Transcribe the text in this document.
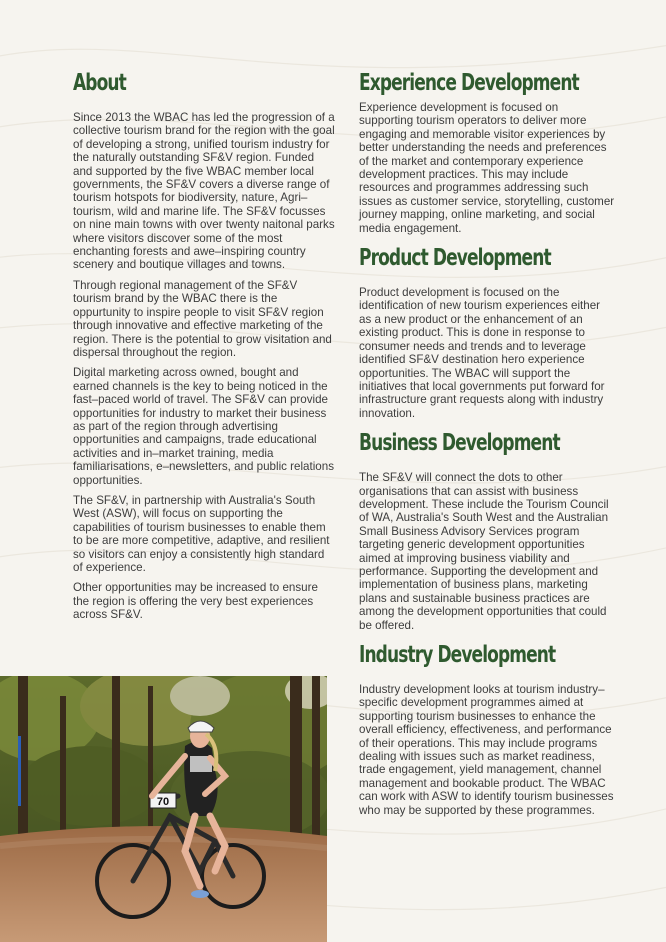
About

Since 2013 the WBAC has led the progression of a collective tourism brand for the region with the goal of developing a strong, unified tourism industry for the naturally outstanding SF&V region. Funded and supported by the five WBAC member local governments, the SF&V covers a diverse range of tourism hotspots for biodiversity, nature, Agri–tourism, wild and marine life. The SF&V focusses on nine main towns with over twenty naitonal parks where visitors discover some of the most enchanting forests and awe–inspiring country scenery and boutique villages and towns.

Through regional management of the SF&V tourism brand by the WBAC there is the oppurtunity to inspire people to visit SF&V region through innovative and effective marketing of the region. There is the potential to grow visitation and dispersal throughout the region.

Digital marketing across owned, bought and earned channels is the key to being noticed in the fast–paced world of travel. The SF&V can provide opportunities for industry to market their business as part of the region through advertising opportunities and campaigns, trade educational activities and in–market training, media familiarisations, e–newsletters, and public relations opportunities.

The SF&V, in partnership with Australia's South West (ASW), will focus on supporting the capabilities of tourism businesses to enable them to be are more competitive, adaptive, and resilient so visitors can enjoy a consistently high standard of experience.

Other opportunities may be increased to ensure the region is offering the very best experiences across SF&V.

70
Experience Development

Experience development is focused on supporting tourism operators to deliver more engaging and memorable visitor experiences by better understanding the needs and preferences of the market and contemporary experience development practices. This may include resources and programmes addressing such issues as customer service, storytelling, customer journey mapping, online marketing, and social media engagement.

Product Development

Product development is focused on the identification of new tourism experiences either as a new product or the enhancement of an existing product. This is done in response to consumer needs and trends and to leverage identified SF&V destination hero experience opportunities. The WBAC will support the initiatives that local governments put forward for infrastructure grant requests along with industry innovation.

Business Development

The SF&V will connect the dots to other organisations that can assist with business development. These include the Tourism Council of WA, Australia's South West and the Australian Small Business Advisory Services program targeting generic development opportunities aimed at improving business viability and performance. Supporting the development and implementation of business plans, marketing plans and sustainable business practices are among the development opportunities that could be offered.

Industry Development

Industry development looks at tourism industry–specific development programmes aimed at supporting tourism businesses to enhance the overall efficiency, effectiveness, and performance of their operations. This may include programs dealing with issues such as market readiness, trade engagement, yield management, channel management and bookable product. The WBAC can work with ASW to identify tourism businesses who may be supported by these programmes.
